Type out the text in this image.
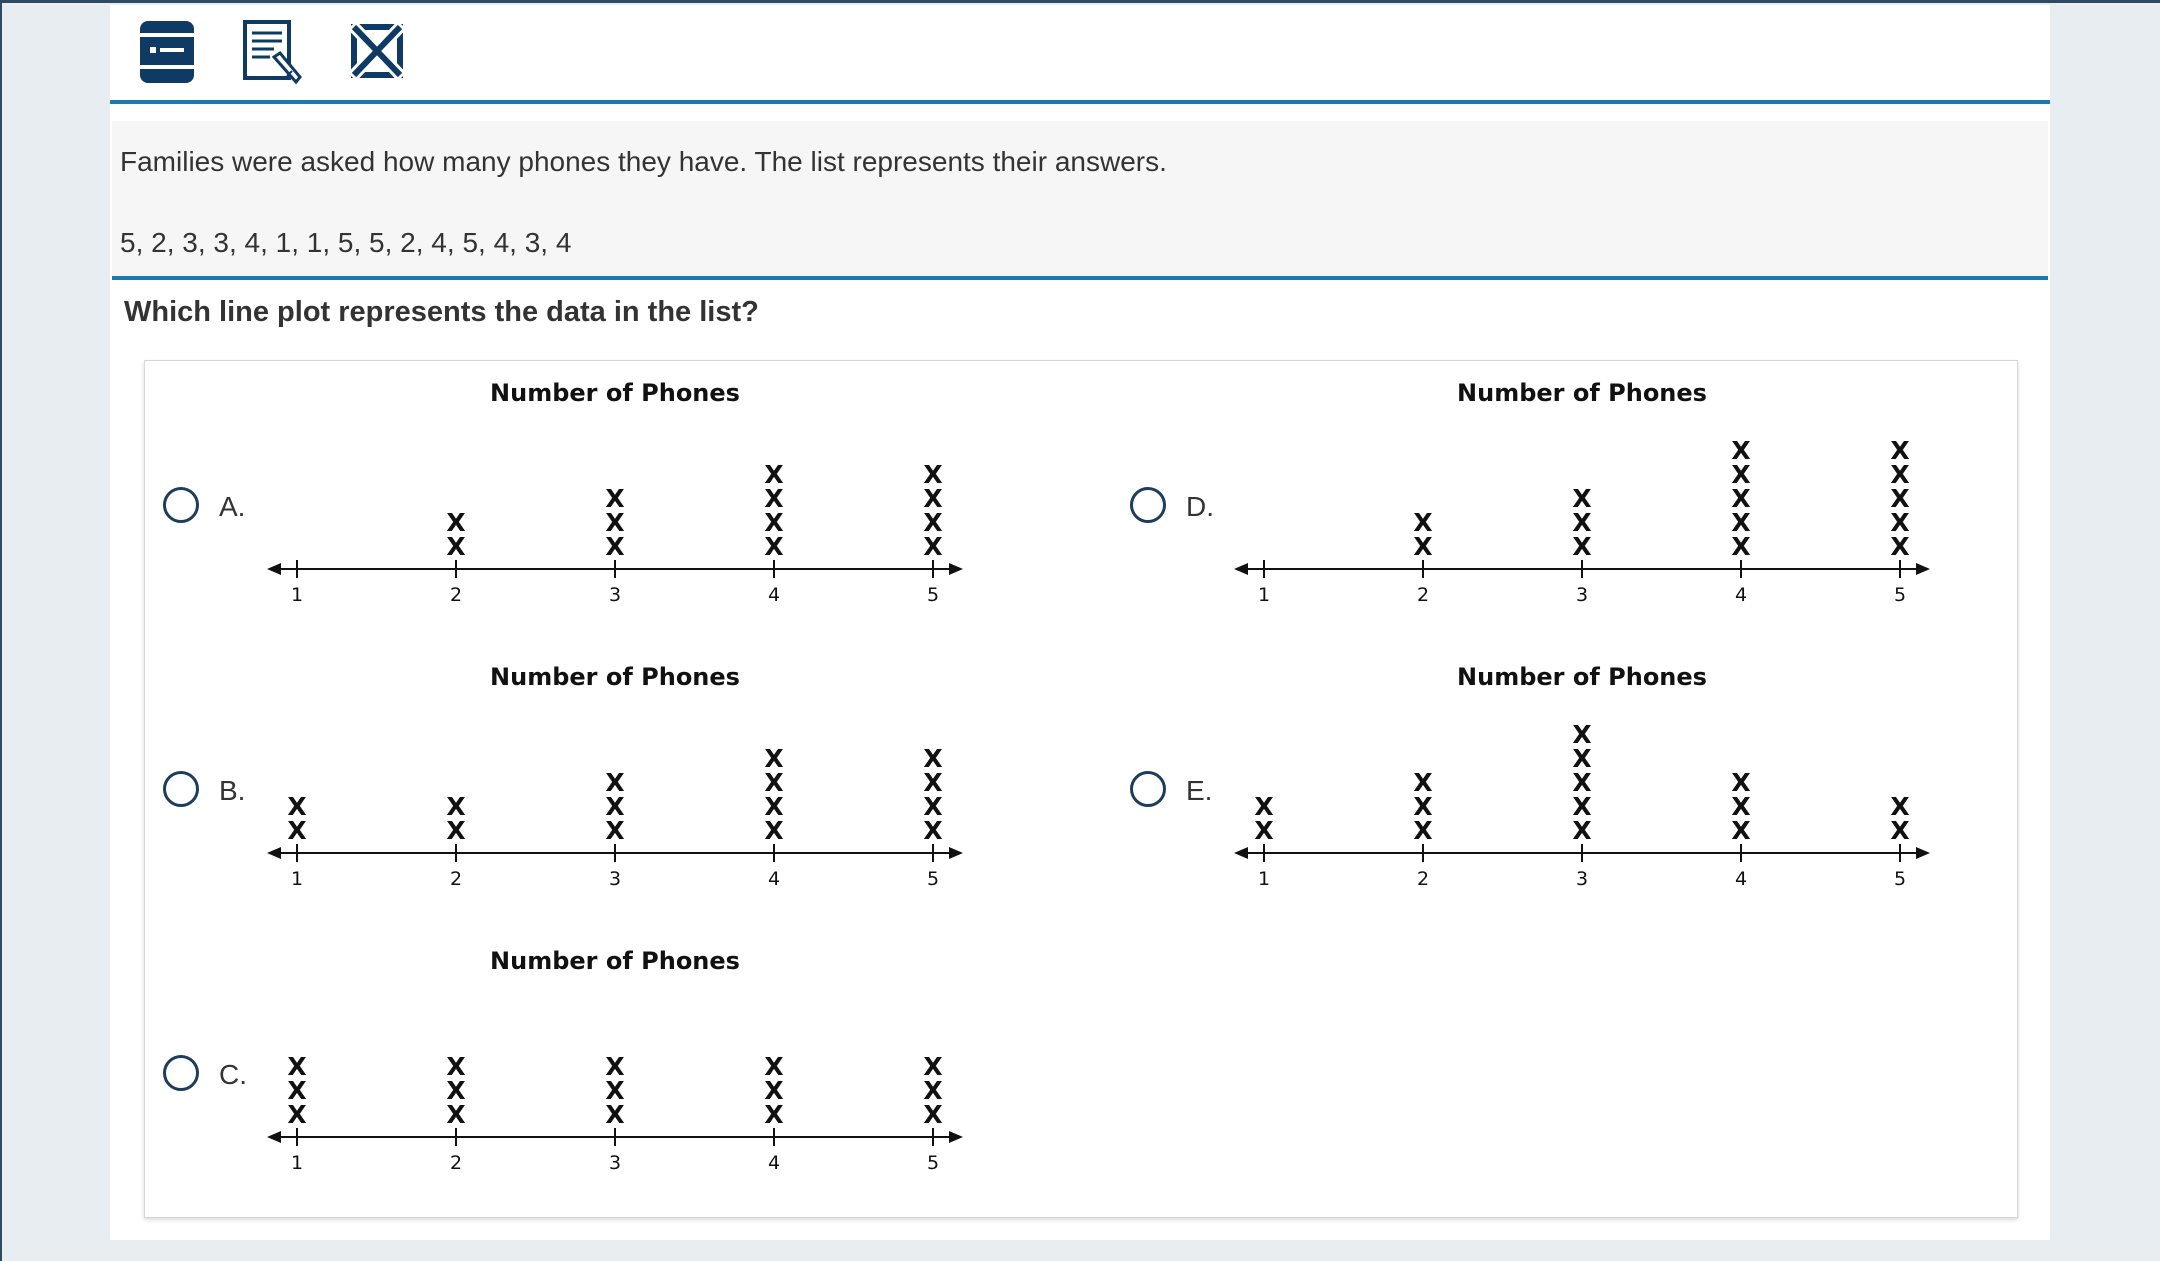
Families were asked how many phones they have. The list represents their answers.
5, 2, 3, 3, 4, 1, 1, 5, 5, 2, 4, 5, 4, 3, 4
Which line plot represents the data in the list?
A.
Number of Phones
1	2
X
X
3
X
X
X
4
X
X
X
X
5
X
X
X
X
B.
Number of Phones
1
X
X
2
X
X
3
X
X
X
4
X
X
X
X
5
X
X
X
X
C.
Number of Phones
1
X
X
X
2
X
X
X
3
X
X
X
4
X
X
X
5
X
X
X
D.
Number of Phones
1	2
X
X
3
X
X
X
4
X
X
X
X
X
5
X
X
X
X
X
E.
Number of Phones
1
X
X
2
X
X
X
3
X
X
X
X
X
4
X
X
X
5
X
X
